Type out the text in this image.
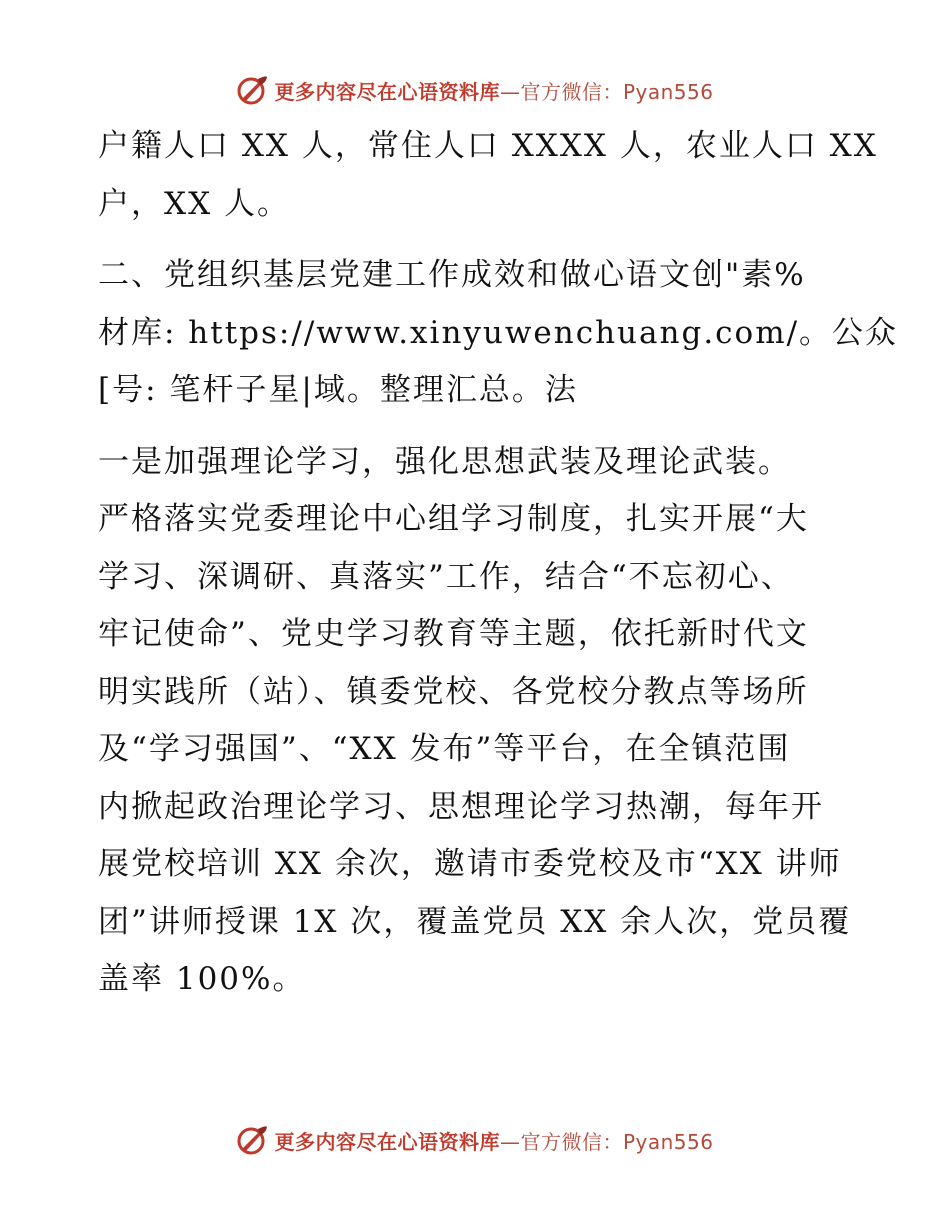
更多内容尽在心语资料库—官方微信：Pyan556

户籍人口 XX 人，常住人口 XXXX 人，农业人口 XX
户，XX 人。

二、党组织基层党建工作成效和做心语文创"素%
材库: https://www.xinyuwenchuang.com/。公众
[号: 笔杆子星|域。整理汇总。法

一是加强理论学习，强化思想武装及理论武装。
严格落实党委理论中心组学习制度，扎实开展“大
学习、深调研、真落实”工作，结合“不忘初心、
牢记使命”、党史学习教育等主题，依托新时代文
明实践所（站）、镇委党校、各党校分教点等场所
及“学习强国”、“XX 发布”等平台，在全镇范围
内掀起政治理论学习、思想理论学习热潮，每年开
展党校培训 XX 余次，邀请市委党校及市“XX 讲师
团”讲师授课 1X 次，覆盖党员 XX 余人次，党员覆
盖率 100%。

更多内容尽在心语资料库—官方微信：Pyan556
